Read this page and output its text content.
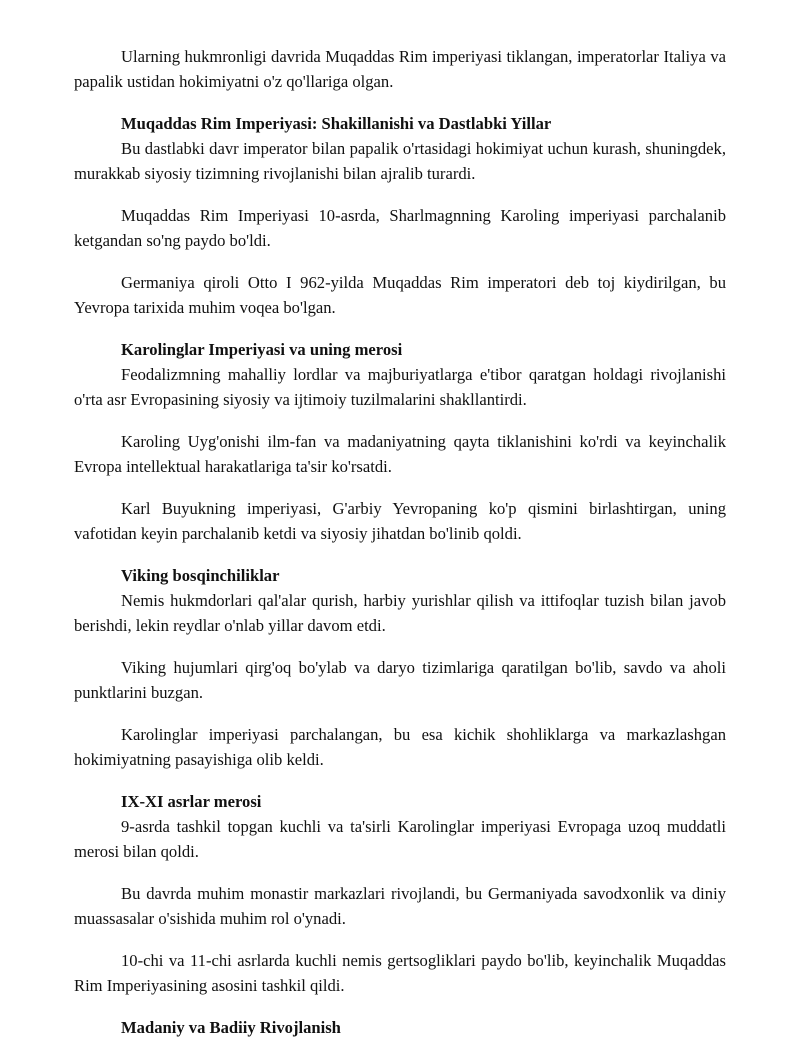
Ularning hukmronligi davrida Muqaddas Rim imperiyasi tiklangan, imperatorlar Italiya va papalik ustidan hokimiyatni o'z qo'llariga olgan.

Muqaddas Rim Imperiyasi: Shakillanishi va Dastlabki Yillar

Bu dastlabki davr imperator bilan papalik o'rtasidagi hokimiyat uchun kurash, shuningdek, murakkab siyosiy tizimning rivojlanishi bilan ajralib turardi.

Muqaddas Rim Imperiyasi 10-asrda, Sharlmagnning Karoling imperiyasi parchalanib ketgandan so'ng paydo bo'ldi.

Germaniya qiroli Otto I 962-yilda Muqaddas Rim imperatori deb toj kiydirilgan, bu Yevropa tarixida muhim voqea bo'lgan.

Karolinglar Imperiyasi va uning merosi

Feodalizmning mahalliy lordlar va majburiyatlarga e'tibor qaratgan holdagi rivojlanishi o'rta asr Evropasining siyosiy va ijtimoiy tuzilmalarini shakllantirdi.

Karoling Uyg'onishi ilm-fan va madaniyatning qayta tiklanishini ko'rdi va keyinchalik Evropa intellektual harakatlariga ta'sir ko'rsatdi.

Karl Buyukning imperiyasi, G'arbiy Yevropaning ko'p qismini birlashtirgan, uning vafotidan keyin parchalanib ketdi va siyosiy jihatdan bo'linib qoldi.

Viking bosqinchiliklar

Nemis hukmdorlari qal'alar qurish, harbiy yurishlar qilish va ittifoqlar tuzish bilan javob berishdi, lekin reydlar o'nlab yillar davom etdi.

Viking hujumlari qirg'oq bo'ylab va daryo tizimlariga qaratilgan bo'lib, savdo va aholi punktlarini buzgan.

Karolinglar imperiyasi parchalangan, bu esa kichik shohliklarga va markazlashgan hokimiyatning pasayishiga olib keldi.

IX-XI asrlar merosi

9-asrda tashkil topgan kuchli va ta'sirli Karolinglar imperiyasi Evropaga uzoq muddatli merosi bilan qoldi.

Bu davrda muhim monastir markazlari rivojlandi, bu Germaniyada savodxonlik va diniy muassasalar o'sishida muhim rol o'ynadi.

10-chi va 11-chi asrlarda kuchli nemis gertsogliklari paydo bo'lib, keyinchalik Muqaddas Rim Imperiyasining asosini tashkil qildi.

Madaniy va Badiiy Rivojlanish
